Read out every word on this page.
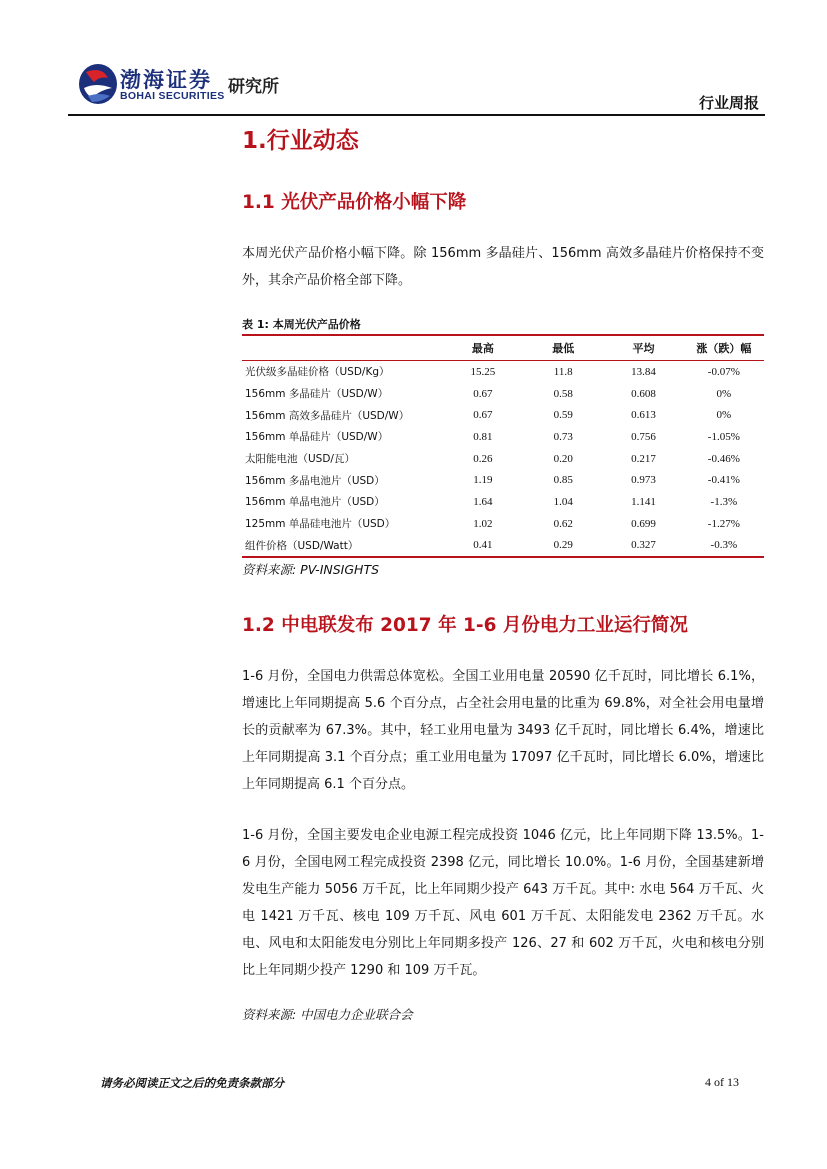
渤海证券
BOHAI SECURITIES 研究所
行业周报
1.行业动态
1.1 光伏产品价格小幅下降
本周光伏产品价格小幅下降。除 156mm 多晶硅片、156mm 高效多晶硅片价格保持不变外，其余产品价格全部下降。
表 1: 本周光伏产品价格
	最高	最低	平均	涨（跌）幅
光伏级多晶硅价格（USD/Kg）	15.25	11.8	13.84	-0.07%
156mm 多晶硅片（USD/W）	0.67	0.58	0.608	0%
156mm 高效多晶硅片（USD/W）	0.67	0.59	0.613	0%
156mm 单晶硅片（USD/W）	0.81	0.73	0.756	-1.05%
太阳能电池（USD/瓦）	0.26	0.20	0.217	-0.46%
156mm 多晶电池片（USD）	1.19	0.85	0.973	-0.41%
156mm 单晶电池片（USD）	1.64	1.04	1.141	-1.3%
125mm 单晶硅电池片（USD）	1.02	0.62	0.699	-1.27%
组件价格（USD/Watt）	0.41	0.29	0.327	-0.3%
资料来源: PV-INSIGHTS
1.2 中电联发布 2017 年 1-6 月份电力工业运行简况
1-6 月份，全国电力供需总体宽松。全国工业用电量 20590 亿千瓦时，同比增长 6.1%，增速比上年同期提高 5.6 个百分点，占全社会用电量的比重为 69.8%，对全社会用电量增长的贡献率为 67.3%。其中，轻工业用电量为 3493 亿千瓦时，同比增长 6.4%，增速比上年同期提高 3.1 个百分点；重工业用电量为 17097 亿千瓦时，同比增长 6.0%，增速比上年同期提高 6.1 个百分点。
1-6 月份，全国主要发电企业电源工程完成投资 1046 亿元，比上年同期下降 13.5%。1-6 月份，全国电网工程完成投资 2398 亿元，同比增长 10.0%。1-6 月份，全国基建新增发电生产能力 5056 万千瓦，比上年同期少投产 643 万千瓦。其中: 水电 564 万千瓦、火电 1421 万千瓦、核电 109 万千瓦、风电 601 万千瓦、太阳能发电 2362 万千瓦。水电、风电和太阳能发电分别比上年同期多投产 126、27 和 602 万千瓦，火电和核电分别比上年同期少投产 1290 和 109 万千瓦。
资料来源: 中国电力企业联合会
请务必阅读正文之后的免责条款部分	4 of 13
